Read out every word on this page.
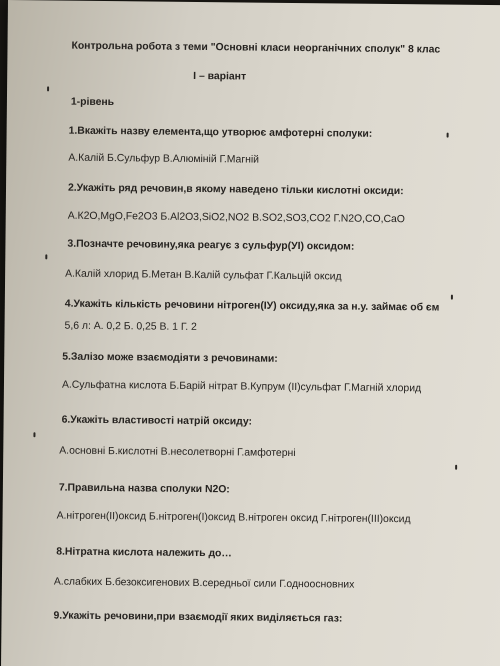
Контрольна робота з теми "Основні класи неорганічних сполук" 8 клас
I – варіант
1-рівень
1.Вкажіть назву елемента,що утворює амфотерні сполуки:
А.Калій Б.Сульфур В.Алюміній Г.Магній
2.Укажіть ряд речовин,в якому наведено тільки кислотні оксиди:
А.К2О,MgO,Fe2O3 Б.Al2O3,SiO2,NO2 B.SO2,SO3,CO2 Г.N2O,CO,CaO
3.Позначте речовину,яка реагує з сульфур(УІ) оксидом:
А.Калій хлорид Б.Метан В.Калій сульфат Г.Кальцій оксид
4.Укажіть кількість речовини нітроген(ІУ) оксиду,яка за н.у. займає об єм
5,6 л: А. 0,2 Б. 0,25 В. 1 Г. 2
5.Залізо може взаємодіяти з речовинами:
А.Сульфатна кислота Б.Барій нітрат В.Купрум (ІІ)сульфат Г.Магній хлорид
6.Укажіть властивості натрій оксиду:
А.основні Б.кислотні В.несолетворні Г.амфотерні
7.Правильна назва сполуки N2O:
А.нітроген(ІІ)оксид Б.нітроген(І)оксид В.нітроген оксид Г.нітроген(ІІІ)оксид
8.Нітратна кислота належить до…
А.слабких Б.безоксигенових В.середньої сили Г.одноосновних
9.Укажіть речовини,при взаємодії яких виділяється газ:
